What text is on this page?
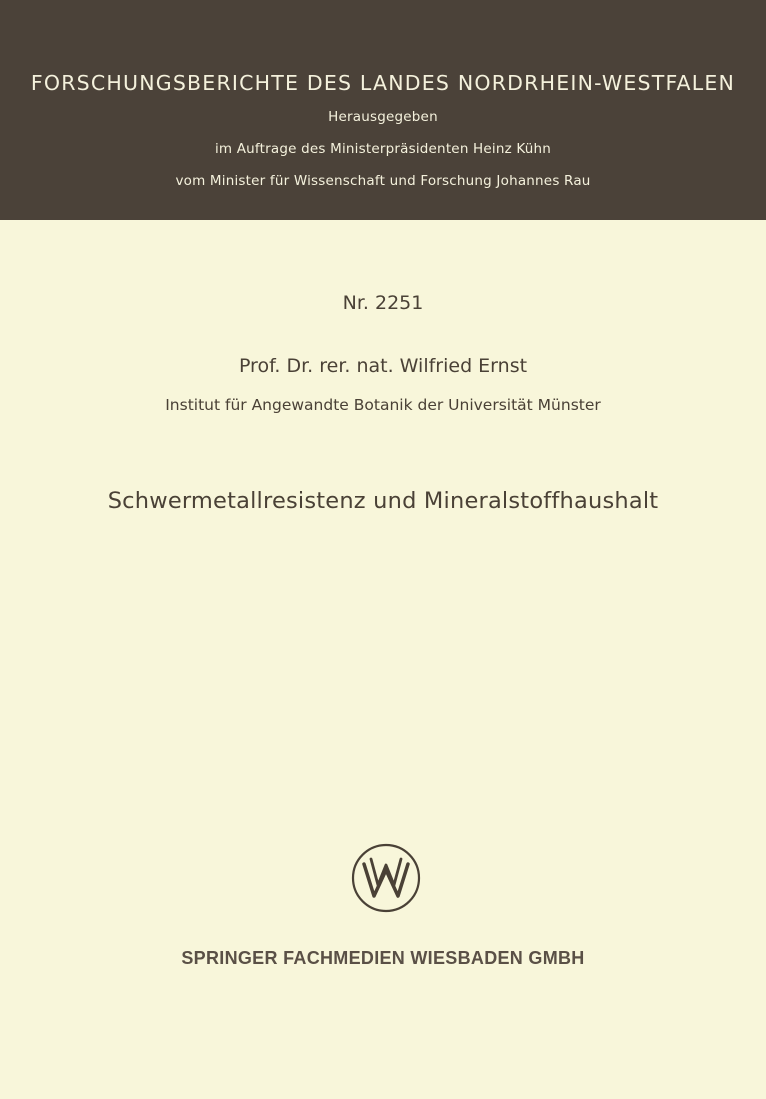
FORSCHUNGSBERICHTE DES LANDES NORDRHEIN-WESTFALEN
Herausgegeben
im Auftrage des Ministerpräsidenten Heinz Kühn
vom Minister für Wissenschaft und Forschung Johannes Rau
Nr. 2251
Prof. Dr. rer. nat. Wilfried Ernst
Institut für Angewandte Botanik der Universität Münster
Schwermetallresistenz und Mineralstoffhaushalt
SPRINGER FACHMEDIEN WIESBADEN GMBH
